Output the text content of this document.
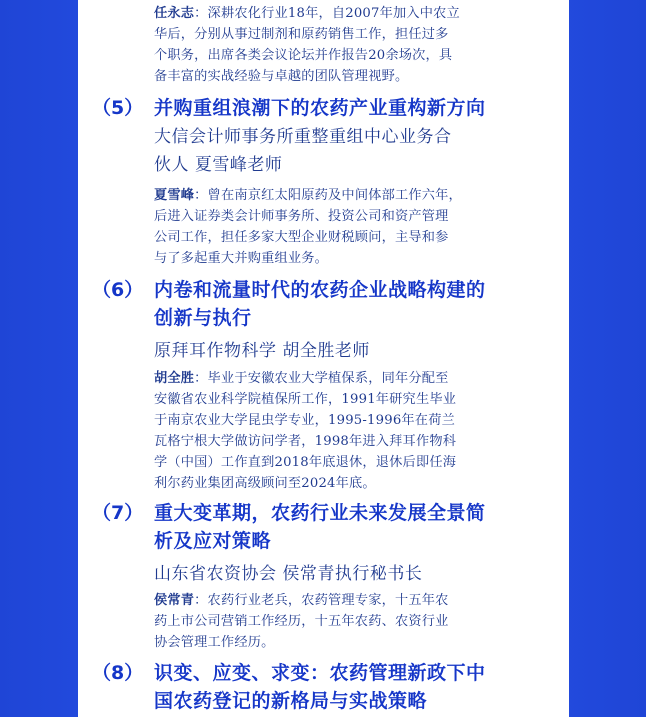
任永志：深耕农化行业18年，自2007年加入中农立
华后，分别从事过制剂和原药销售工作，担任过多
个职务，出席各类会议论坛并作报告20余场次，具
备丰富的实战经验与卓越的团队管理视野。
（5） 并购重组浪潮下的农药产业重构新方向
大信会计师事务所重整重组中心业务合
伙人 夏雪峰老师
夏雪峰：曾在南京红太阳原药及中间体部工作六年，
后进入证券类会计师事务所、投资公司和资产管理
公司工作，担任多家大型企业财税顾问，主导和参
与了多起重大并购重组业务。
（6） 内卷和流量时代的农药企业战略构建的
创新与执行
原拜耳作物科学 胡全胜老师
胡全胜：毕业于安徽农业大学植保系，同年分配至
安徽省农业科学院植保所工作，1991年研究生毕业
于南京农业大学昆虫学专业，1995-1996年在荷兰
瓦格宁根大学做访问学者，1998年进入拜耳作物科
学（中国）工作直到2018年底退休，退休后即任海
利尔药业集团高级顾问至2024年底。
（7） 重大变革期，农药行业未来发展全景简
析及应对策略
山东省农资协会 侯常青执行秘书长
侯常青：农药行业老兵，农药管理专家，十五年农
药上市公司营销工作经历，十五年农药、农资行业
协会管理工作经历。
（8） 识变、应变、求变：农药管理新政下中
国农药登记的新格局与实战策略
